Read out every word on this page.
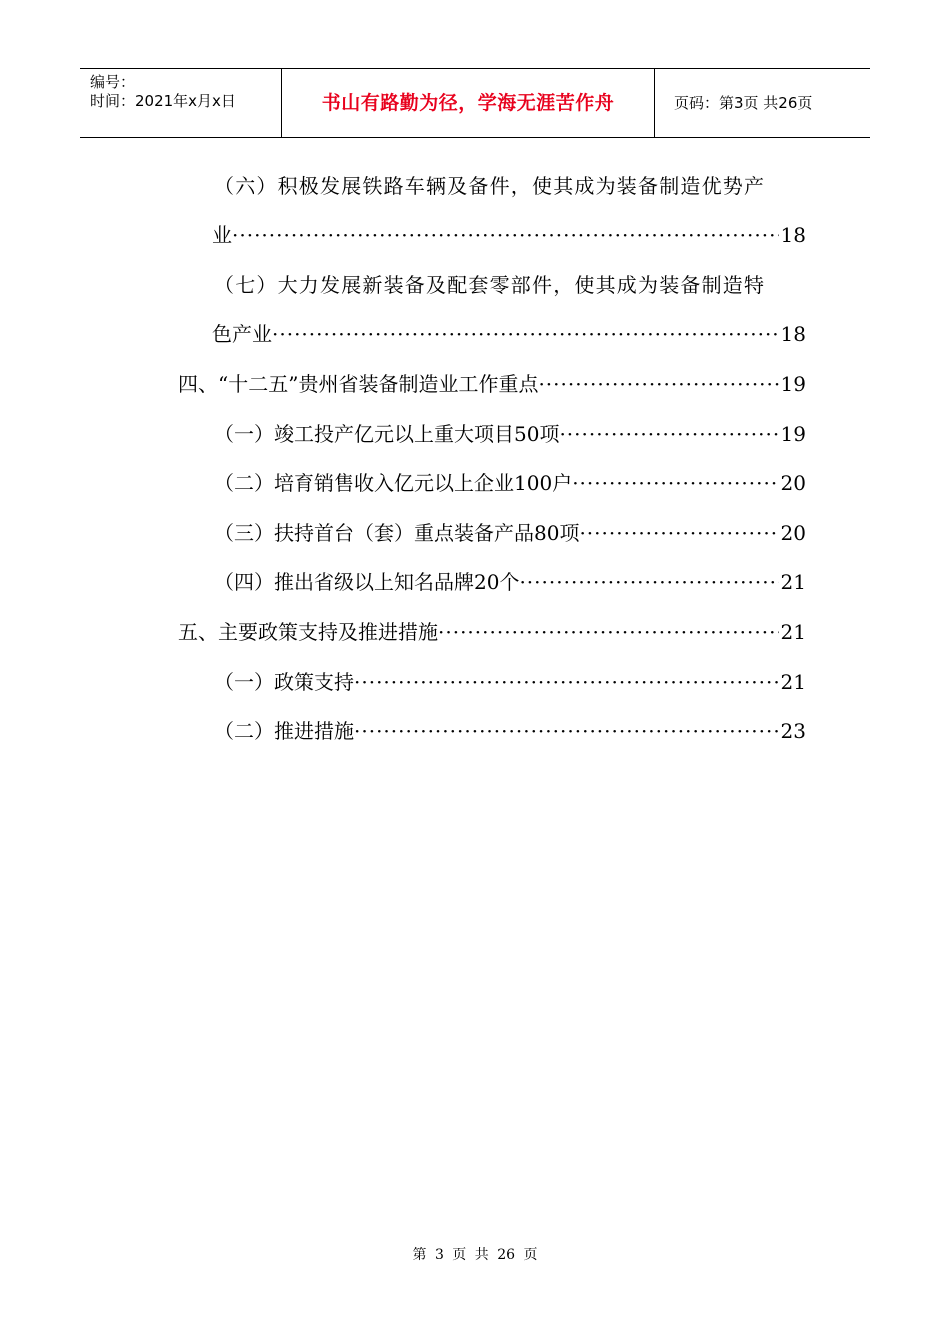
编号：
时间：2021年x月x日	书山有路勤为径，学海无涯苦作舟	页码：第3页 共26页
（六）积极发展铁路车辆及备件，使其成为装备制造优势产
业 ·····	18
（七）大力发展新装备及配套零部件，使其成为装备制造特
色产业 ·····	18
四、“十二五”贵州省装备制造业工作重点 ·····	19
（一）竣工投产亿元以上重大项目50项 ·····	19
（二）培育销售收入亿元以上企业100户 ·····	20
（三）扶持首台（套）重点装备产品80项 ·····	20
（四）推出省级以上知名品牌20个 ·····	21
五、主要政策支持及推进措施 ·····	21
（一）政策支持 ·····	21
（二）推进措施 ·····	23
第 3 页 共 26 页
